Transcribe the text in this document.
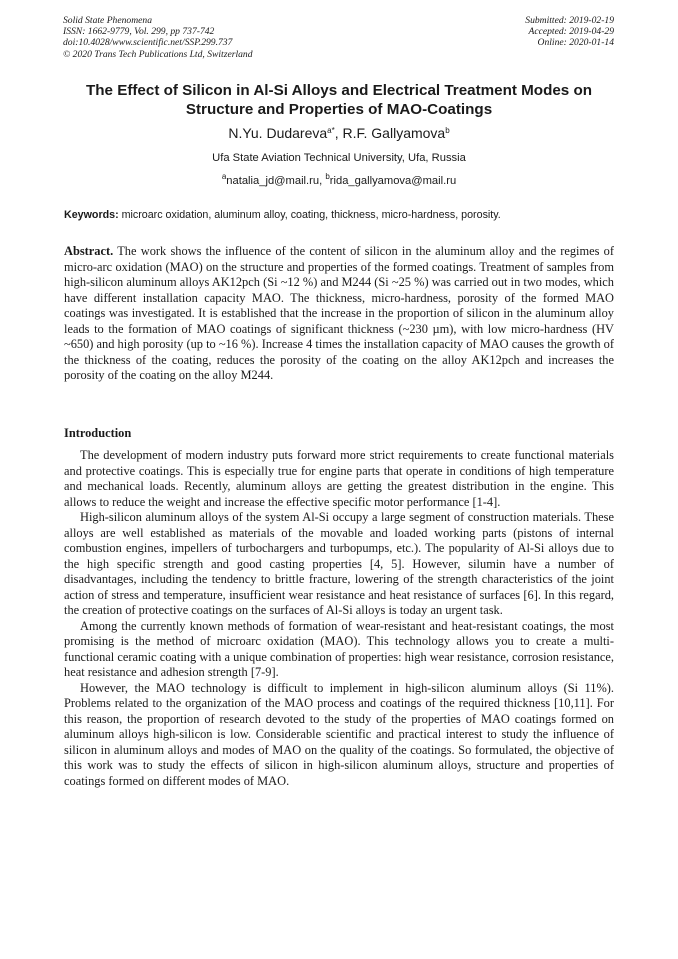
Solid State Phenomena
ISSN: 1662-9779, Vol. 299, pp 737-742
doi:10.4028/www.scientific.net/SSP.299.737
© 2020 Trans Tech Publications Ltd, Switzerland
Submitted: 2019-02-19
Accepted: 2019-04-29
Online: 2020-01-14
The Effect of Silicon in Al-Si Alloys and Electrical Treatment Modes on
Structure and Properties of MAO-Coatings
N.Yu. Dudareva$^{a*}$, R.F. Gallyamova$^b$
Ufa State Aviation Technical University, Ufa, Russia
$^a$natalia_jd@mail.ru, $^b$rida_gallyamova@mail.ru
Keywords: microarc oxidation, aluminum alloy, coating, thickness, micro-hardness, porosity.
Abstract. The work shows the influence of the content of silicon in the aluminum alloy and the regimes of micro-arc oxidation (MAO) on the structure and properties of the formed coatings. Treatment of samples from high-silicon aluminum alloys AK12pch (Si ~12 %) and M244 (Si ~25 %) was carried out in two modes, which have different installation capacity MAO. The thickness, micro-hardness, porosity of the formed MAO coatings was investigated. It is established that the increase in the proportion of silicon in the aluminum alloy leads to the formation of MAO coatings of significant thickness (~230 µm), with low micro-hardness (HV ~650) and high porosity (up to ~16 %). Increase 4 times the installation capacity of MAO causes the growth of the thickness of the coating, reduces the porosity of the coating on the alloy AK12pch and increases the porosity of the coating on the alloy M244.
Introduction

The development of modern industry puts forward more strict requirements to create functional materials and protective coatings. This is especially true for engine parts that operate in conditions of high temperature and mechanical loads. Recently, aluminum alloys are getting the greatest distribution in the engine. This allows to reduce the weight and increase the effective specific motor performance [1-4].

High-silicon aluminum alloys of the system Al-Si occupy a large segment of construction materials. These alloys are well established as materials of the movable and loaded working parts (pistons of internal combustion engines, impellers of turbochargers and turbopumps, etc.). The popularity of Al-Si alloys due to the high specific strength and good casting properties [4, 5]. However, silumin have a number of disadvantages, including the tendency to brittle fracture, lowering of the strength characteristics of the joint action of stress and temperature, insufficient wear resistance and heat resistance of surfaces [6]. In this regard, the creation of protective coatings on the surfaces of Al-Si alloys is today an urgent task.

Among the currently known methods of formation of wear-resistant and heat-resistant coatings, the most promising is the method of microarc oxidation (MAO). This technology allows you to create a multi-functional ceramic coating with a unique combination of properties: high wear resistance, corrosion resistance, heat resistance and adhesion strength [7-9].

However, the MAO technology is difficult to implement in high-silicon aluminum alloys (Si 11%). Problems related to the organization of the MAO process and coatings of the required thickness [10,11]. For this reason, the proportion of research devoted to the study of the properties of MAO coatings formed on aluminum alloys high-silicon is low. Considerable scientific and practical interest to study the influence of silicon in aluminum alloys and modes of MAO on the quality of the coatings. So formulated, the objective of this work was to study the effects of silicon in high-silicon aluminum alloys, structure and properties of coatings formed on different modes of MAO.
